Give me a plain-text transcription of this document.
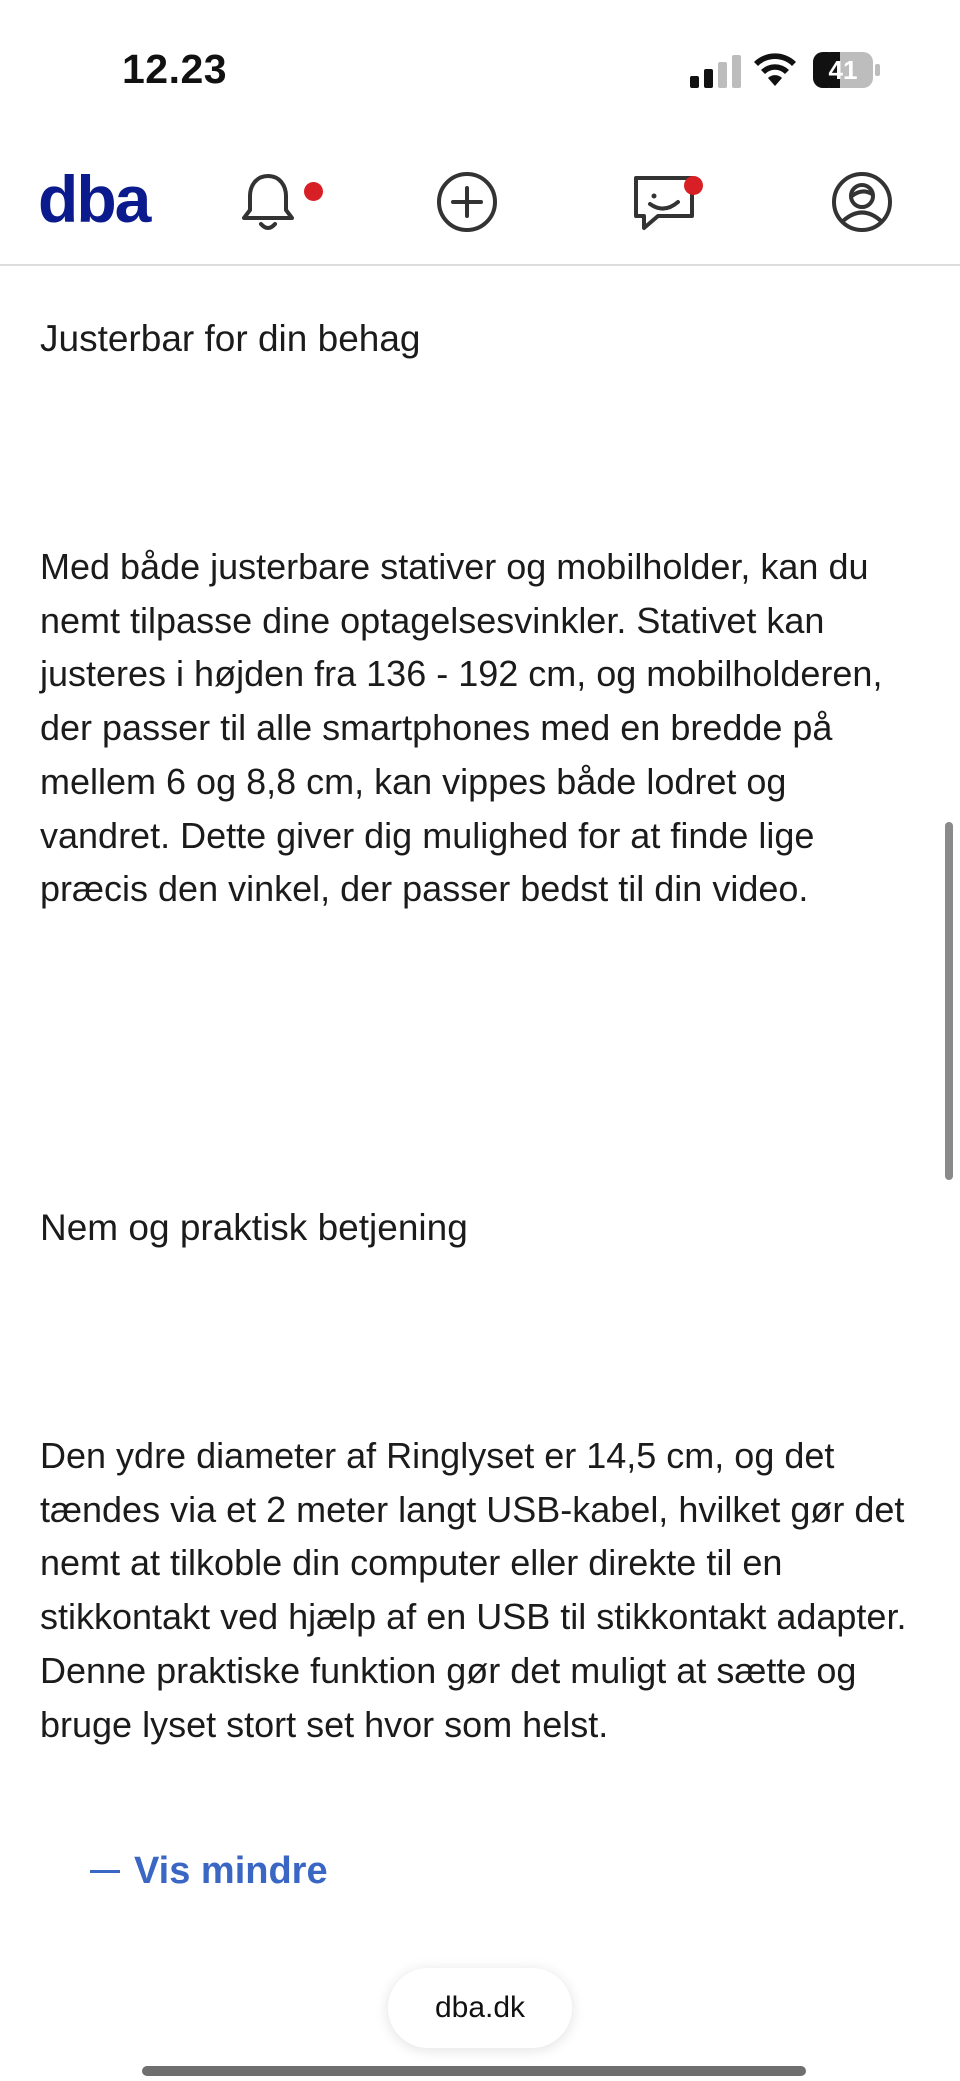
12.23	41
dba
Justerbar for din behag

Med både justerbare stativer og mobilholder, kan du nemt tilpasse dine optagelsesvinkler. Stativet kan justeres i højden fra 136 - 192 cm, og mobilholderen, der passer til alle smartphones med en bredde på mellem 6 og 8,8 cm, kan vippes både lodret og vandret. Dette giver dig mulighed for at finde lige præcis den vinkel, der passer bedst til din video.

Nem og praktisk betjening

Den ydre diameter af Ringlyset er 14,5 cm, og det tændes via et 2 meter langt USB-kabel, hvilket gør det nemt at tilkoble din computer eller direkte til en stikkontakt ved hjælp af en USB til stikkontakt adapter. Denne praktiske funktion gør det muligt at sætte og bruge lyset stort set hvor som helst.

Vis mindre
dba.dk
